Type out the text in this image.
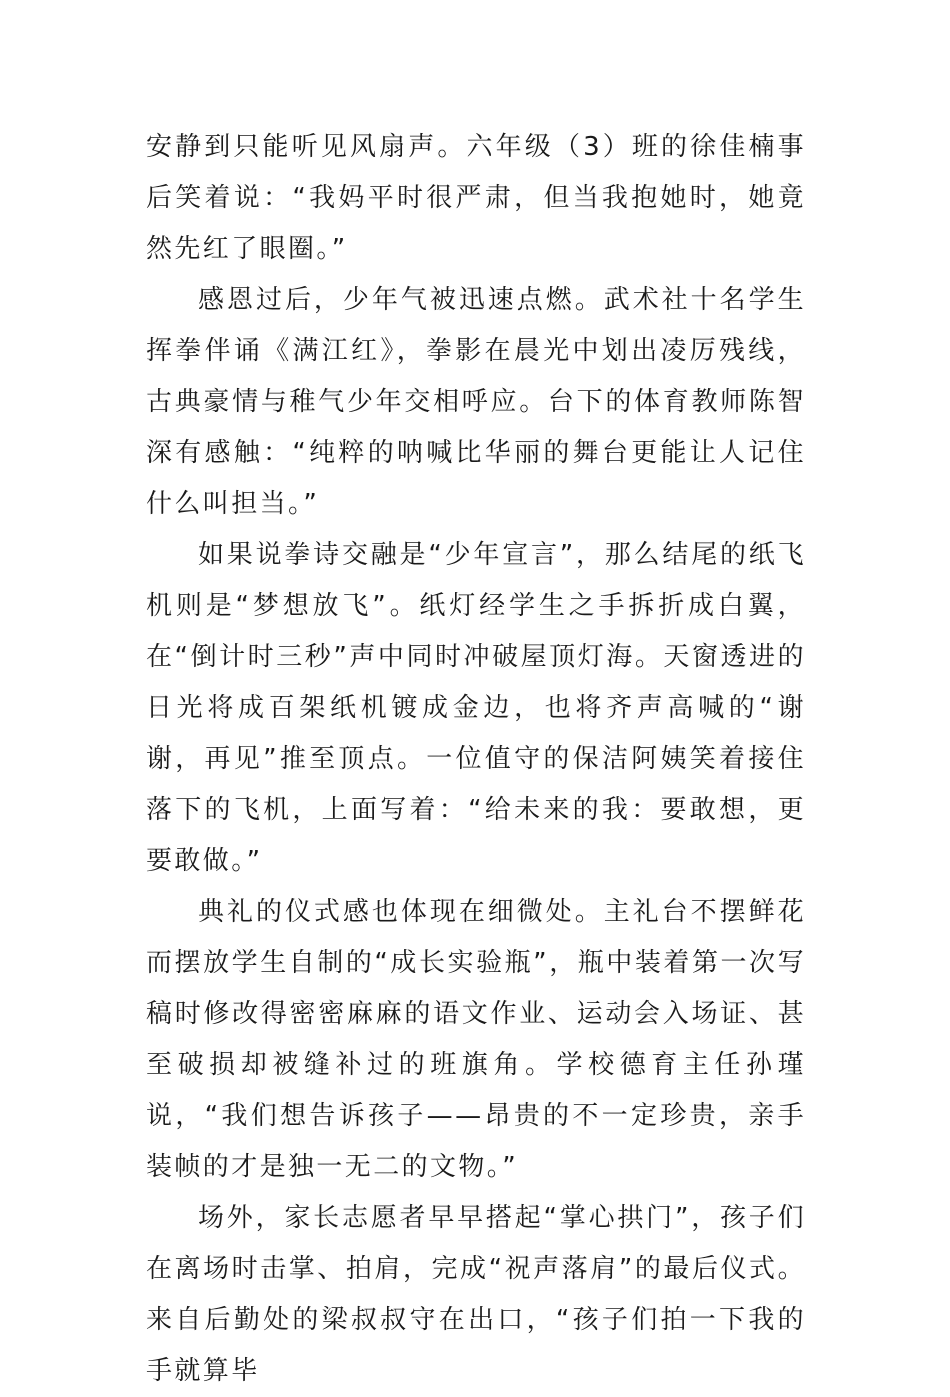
安静到只能听见风扇声。六年级（3）班的徐佳楠事后笑着说：“我妈平时很严肃，但当我抱她时，她竟然先红了眼圈。”

感恩过后，少年气被迅速点燃。武术社十名学生挥拳伴诵《满江红》，拳影在晨光中划出凌厉残线，古典豪情与稚气少年交相呼应。台下的体育教师陈智深有感触：“纯粹的呐喊比华丽的舞台更能让人记住什么叫担当。”

如果说拳诗交融是“少年宣言”，那么结尾的纸飞机则是“梦想放飞”。纸灯经学生之手拆折成白翼，在“倒计时三秒”声中同时冲破屋顶灯海。天窗透进的日光将成百架纸机镀成金边，也将齐声高喊的“谢谢，再见”推至顶点。一位值守的保洁阿姨笑着接住落下的飞机，上面写着：“给未来的我：要敢想，更要敢做。”

典礼的仪式感也体现在细微处。主礼台不摆鲜花而摆放学生自制的“成长实验瓶”，瓶中装着第一次写稿时修改得密密麻麻的语文作业、运动会入场证、甚至破损却被缝补过的班旗角。学校德育主任孙瑾说，“我们想告诉孩子——昂贵的不一定珍贵，亲手装帧的才是独一无二的文物。”

场外，家长志愿者早早搭起“掌心拱门”，孩子们在离场时击掌、拍肩，完成“祝声落肩”的最后仪式。来自后勤处的梁叔叔守在出口，“孩子们拍一下我的手就算毕
